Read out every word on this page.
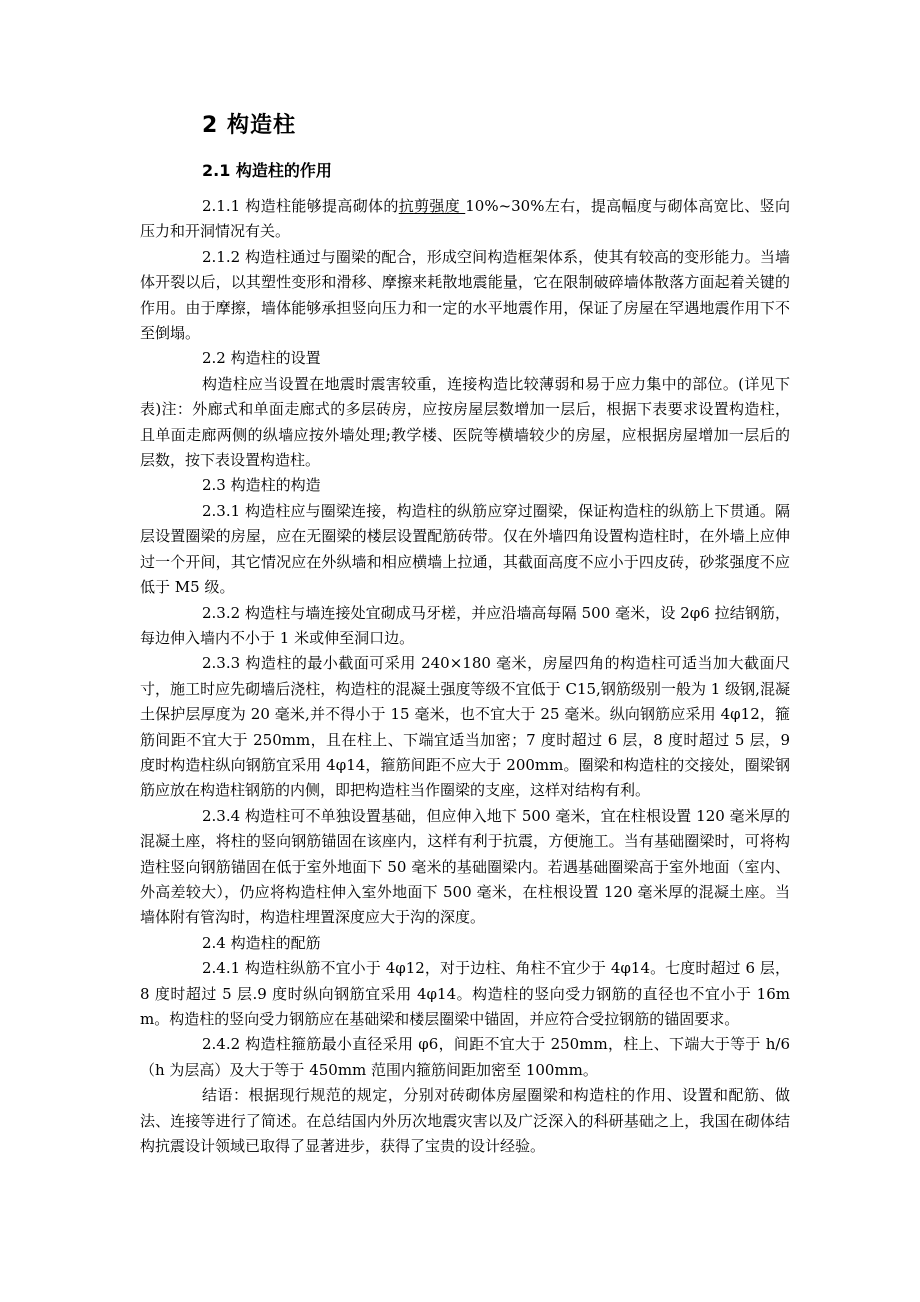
2 构造柱
2.1 构造柱的作用

2.1.1 构造柱能够提高砌体的抗剪强度 10%~30%左右，提高幅度与砌体高宽比、竖向压力和开洞情况有关。

2.1.2 构造柱通过与圈梁的配合，形成空间构造框架体系，使其有较高的变形能力。当墙体开裂以后，以其塑性变形和滑移、摩擦来耗散地震能量，它在限制破碎墙体散落方面起着关键的作用。由于摩擦，墙体能够承担竖向压力和一定的水平地震作用，保证了房屋在罕遇地震作用下不至倒塌。

2.2 构造柱的设置

构造柱应当设置在地震时震害较重，连接构造比较薄弱和易于应力集中的部位。(详见下表)注：外廊式和单面走廊式的多层砖房，应按房屋层数增加一层后，根据下表要求设置构造柱，且单面走廊两侧的纵墙应按外墙处理;教学楼、医院等横墙较少的房屋，应根据房屋增加一层后的层数，按下表设置构造柱。

2.3 构造柱的构造

2.3.1 构造柱应与圈梁连接，构造柱的纵筋应穿过圈梁，保证构造柱的纵筋上下贯通。隔层设置圈梁的房屋，应在无圈梁的楼层设置配筋砖带。仅在外墙四角设置构造柱时，在外墙上应伸过一个开间，其它情况应在外纵墙和相应横墙上拉通，其截面高度不应小于四皮砖，砂浆强度不应低于 M5 级。

2.3.2 构造柱与墙连接处宜砌成马牙槎，并应沿墙高每隔 500 毫米，设 2φ6 拉结钢筋，每边伸入墙内不小于 1 米或伸至洞口边。

2.3.3 构造柱的最小截面可采用 240×180 毫米，房屋四角的构造柱可适当加大截面尺寸，施工时应先砌墙后浇柱，构造柱的混凝土强度等级不宜低于 C15,钢筋级别一般为 1 级钢,混凝土保护层厚度为 20 毫米,并不得小于 15 毫米，也不宜大于 25 毫米。纵向钢筋应采用 4φ12，箍筋间距不宜大于 250mm，且在柱上、下端宜适当加密；7 度时超过 6 层，8 度时超过 5 层，9 度时构造柱纵向钢筋宜采用 4φ14，箍筋间距不应大于 200mm。圈梁和构造柱的交接处，圈梁钢筋应放在构造柱钢筋的内侧，即把构造柱当作圈梁的支座，这样对结构有利。

2.3.4 构造柱可不单独设置基础，但应伸入地下 500 毫米，宜在柱根设置 120 毫米厚的混凝土座，将柱的竖向钢筋锚固在该座内，这样有利于抗震，方便施工。当有基础圈梁时，可将构造柱竖向钢筋锚固在低于室外地面下 50 毫米的基础圈梁内。若遇基础圈梁高于室外地面（室内、外高差较大），仍应将构造柱伸入室外地面下 500 毫米，在柱根设置 120 毫米厚的混凝土座。当墙体附有管沟时，构造柱埋置深度应大于沟的深度。

2.4 构造柱的配筋

2.4.1 构造柱纵筋不宜小于 4φ12，对于边柱、角柱不宜少于 4φ14。七度时超过 6 层，8 度时超过 5 层.9 度时纵向钢筋宜采用 4φ14。构造柱的竖向受力钢筋的直径也不宜小于 16mm。构造柱的竖向受力钢筋应在基础梁和楼层圈梁中锚固，并应符合受拉钢筋的锚固要求。

2.4.2 构造柱箍筋最小直径采用 φ6，间距不宜大于 250mm，柱上、下端大于等于 h/6（h 为层高）及大于等于 450mm 范围内箍筋间距加密至 100mm。

结语：根据现行规范的规定，分别对砖砌体房屋圈梁和构造柱的作用、设置和配筋、做法、连接等进行了简述。在总结国内外历次地震灾害以及广泛深入的科研基础之上，我国在砌体结构抗震设计领域已取得了显著进步，获得了宝贵的设计经验。
